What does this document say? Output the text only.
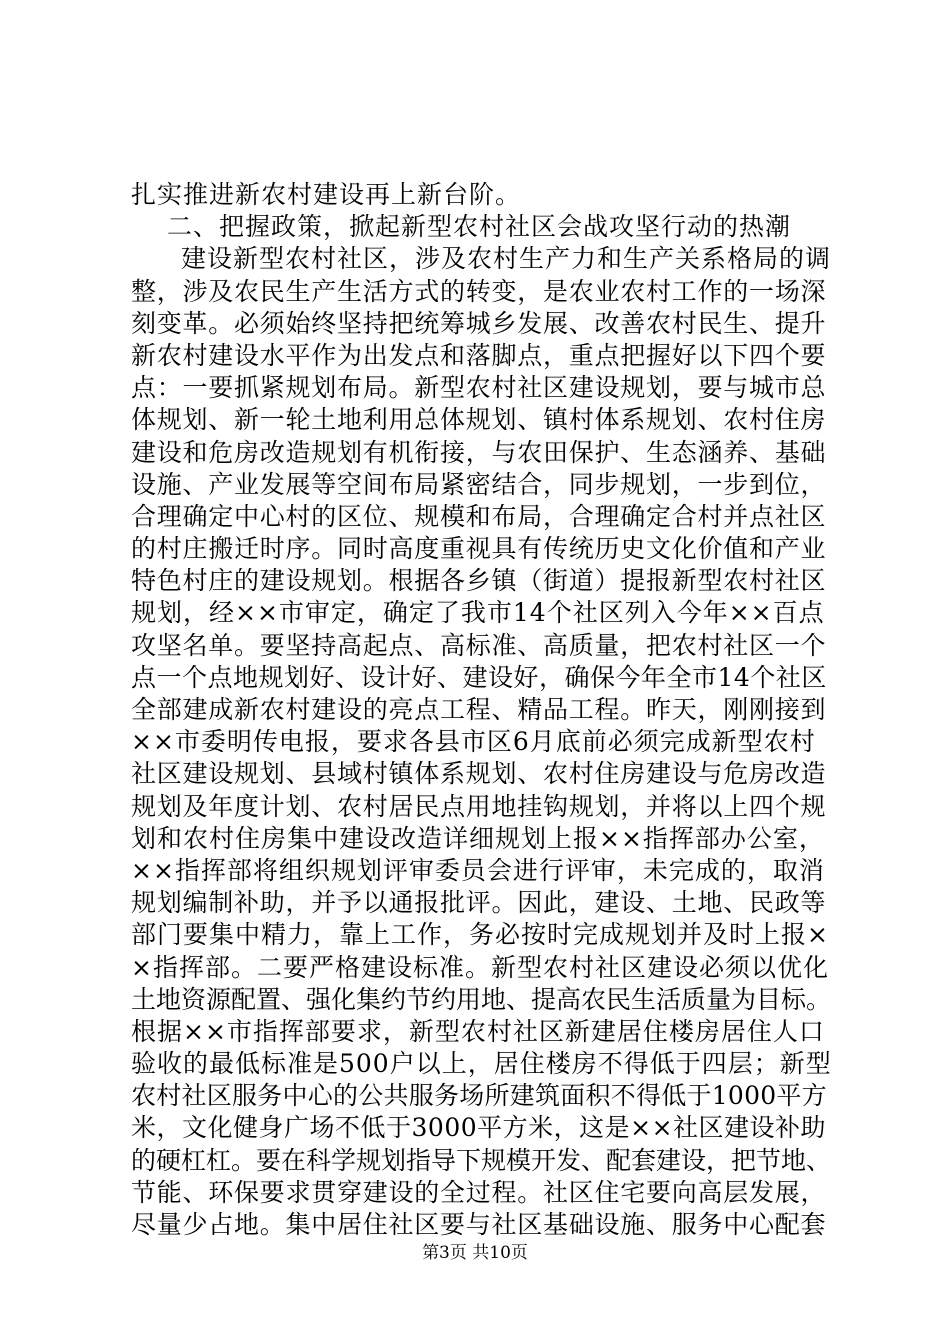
扎实推进新农村建设再上新台阶。
二、把握政策，掀起新型农村社区会战攻坚行动的热潮
建设新型农村社区，涉及农村生产力和生产关系格局的调
整，涉及农民生产生活方式的转变，是农业农村工作的一场深
刻变革。必须始终坚持把统筹城乡发展、改善农村民生、提升
新农村建设水平作为出发点和落脚点，重点把握好以下四个要
点：一要抓紧规划布局。新型农村社区建设规划，要与城市总
体规划、新一轮土地利用总体规划、镇村体系规划、农村住房
建设和危房改造规划有机衔接，与农田保护、生态涵养、基础
设施、产业发展等空间布局紧密结合，同步规划，一步到位，
合理确定中心村的区位、规模和布局，合理确定合村并点社区
的村庄搬迁时序。同时高度重视具有传统历史文化价值和产业
特色村庄的建设规划。根据各乡镇（街道）提报新型农村社区
规划，经××市审定，确定了我市14个社区列入今年××百点
攻坚名单。要坚持高起点、高标准、高质量，把农村社区一个
点一个点地规划好、设计好、建设好，确保今年全市14个社区
全部建成新农村建设的亮点工程、精品工程。昨天，刚刚接到
××市委明传电报，要求各县市区6月底前必须完成新型农村
社区建设规划、县域村镇体系规划、农村住房建设与危房改造
规划及年度计划、农村居民点用地挂钩规划，并将以上四个规
划和农村住房集中建设改造详细规划上报××指挥部办公室，
××指挥部将组织规划评审委员会进行评审，未完成的，取消
规划编制补助，并予以通报批评。因此，建设、土地、民政等
部门要集中精力，靠上工作，务必按时完成规划并及时上报×
×指挥部。二要严格建设标准。新型农村社区建设必须以优化
土地资源配置、强化集约节约用地、提高农民生活质量为目标。
根据××市指挥部要求，新型农村社区新建居住楼房居住人口
验收的最低标准是500户以上，居住楼房不得低于四层；新型
农村社区服务中心的公共服务场所建筑面积不得低于1000平方
米，文化健身广场不低于3000平方米，这是××社区建设补助
的硬杠杠。要在科学规划指导下规模开发、配套建设，把节地、
节能、环保要求贯穿建设的全过程。社区住宅要向高层发展，
尽量少占地。集中居住社区要与社区基础设施、服务中心配套
第3页 共10页
